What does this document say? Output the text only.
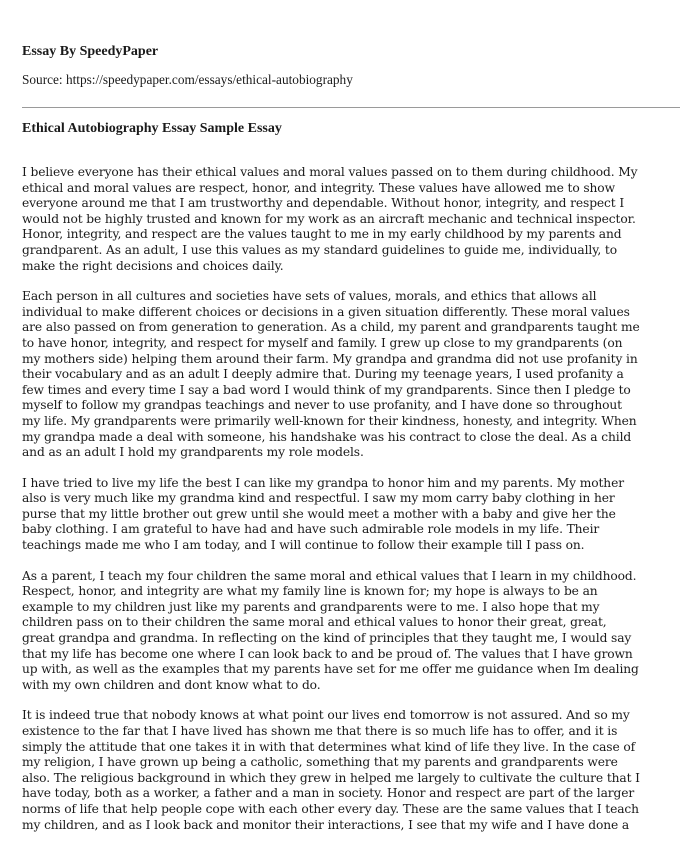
Essay By SpeedyPaper

Source: https://speedypaper.com/essays/ethical-autobiography

Ethical Autobiography Essay Sample Essay

I believe everyone has their ethical values and moral values passed on to them during childhood. My
ethical and moral values are respect, honor, and integrity. These values have allowed me to show
everyone around me that I am trustworthy and dependable. Without honor, integrity, and respect I
would not be highly trusted and known for my work as an aircraft mechanic and technical inspector.
Honor, integrity, and respect are the values taught to me in my early childhood by my parents and
grandparent. As an adult, I use this values as my standard guidelines to guide me, individually, to
make the right decisions and choices daily.

Each person in all cultures and societies have sets of values, morals, and ethics that allows all
individual to make different choices or decisions in a given situation differently. These moral values
are also passed on from generation to generation. As a child, my parent and grandparents taught me
to have honor, integrity, and respect for myself and family. I grew up close to my grandparents (on
my mothers side) helping them around their farm. My grandpa and grandma did not use profanity in
their vocabulary and as an adult I deeply admire that. During my teenage years, I used profanity a
few times and every time I say a bad word I would think of my grandparents. Since then I pledge to
myself to follow my grandpas teachings and never to use profanity, and I have done so throughout
my life. My grandparents were primarily well-known for their kindness, honesty, and integrity. When
my grandpa made a deal with someone, his handshake was his contract to close the deal. As a child
and as an adult I hold my grandparents my role models.

I have tried to live my life the best I can like my grandpa to honor him and my parents. My mother
also is very much like my grandma kind and respectful. I saw my mom carry baby clothing in her
purse that my little brother out grew until she would meet a mother with a baby and give her the
baby clothing. I am grateful to have had and have such admirable role models in my life. Their
teachings made me who I am today, and I will continue to follow their example till I pass on.

As a parent, I teach my four children the same moral and ethical values that I learn in my childhood.
Respect, honor, and integrity are what my family line is known for; my hope is always to be an
example to my children just like my parents and grandparents were to me. I also hope that my
children pass on to their children the same moral and ethical values to honor their great, great,
great grandpa and grandma. In reflecting on the kind of principles that they taught me, I would say
that my life has become one where I can look back to and be proud of. The values that I have grown
up with, as well as the examples that my parents have set for me offer me guidance when Im dealing
with my own children and dont know what to do.

It is indeed true that nobody knows at what point our lives end tomorrow is not assured. And so my
existence to the far that I have lived has shown me that there is so much life has to offer, and it is
simply the attitude that one takes it in with that determines what kind of life they live. In the case of
my religion, I have grown up being a catholic, something that my parents and grandparents were
also. The religious background in which they grew in helped me largely to cultivate the culture that I
have today, both as a worker, a father and a man in society. Honor and respect are part of the larger
norms of life that help people cope with each other every day. These are the same values that I teach
my children, and as I look back and monitor their interactions, I see that my wife and I have done a
